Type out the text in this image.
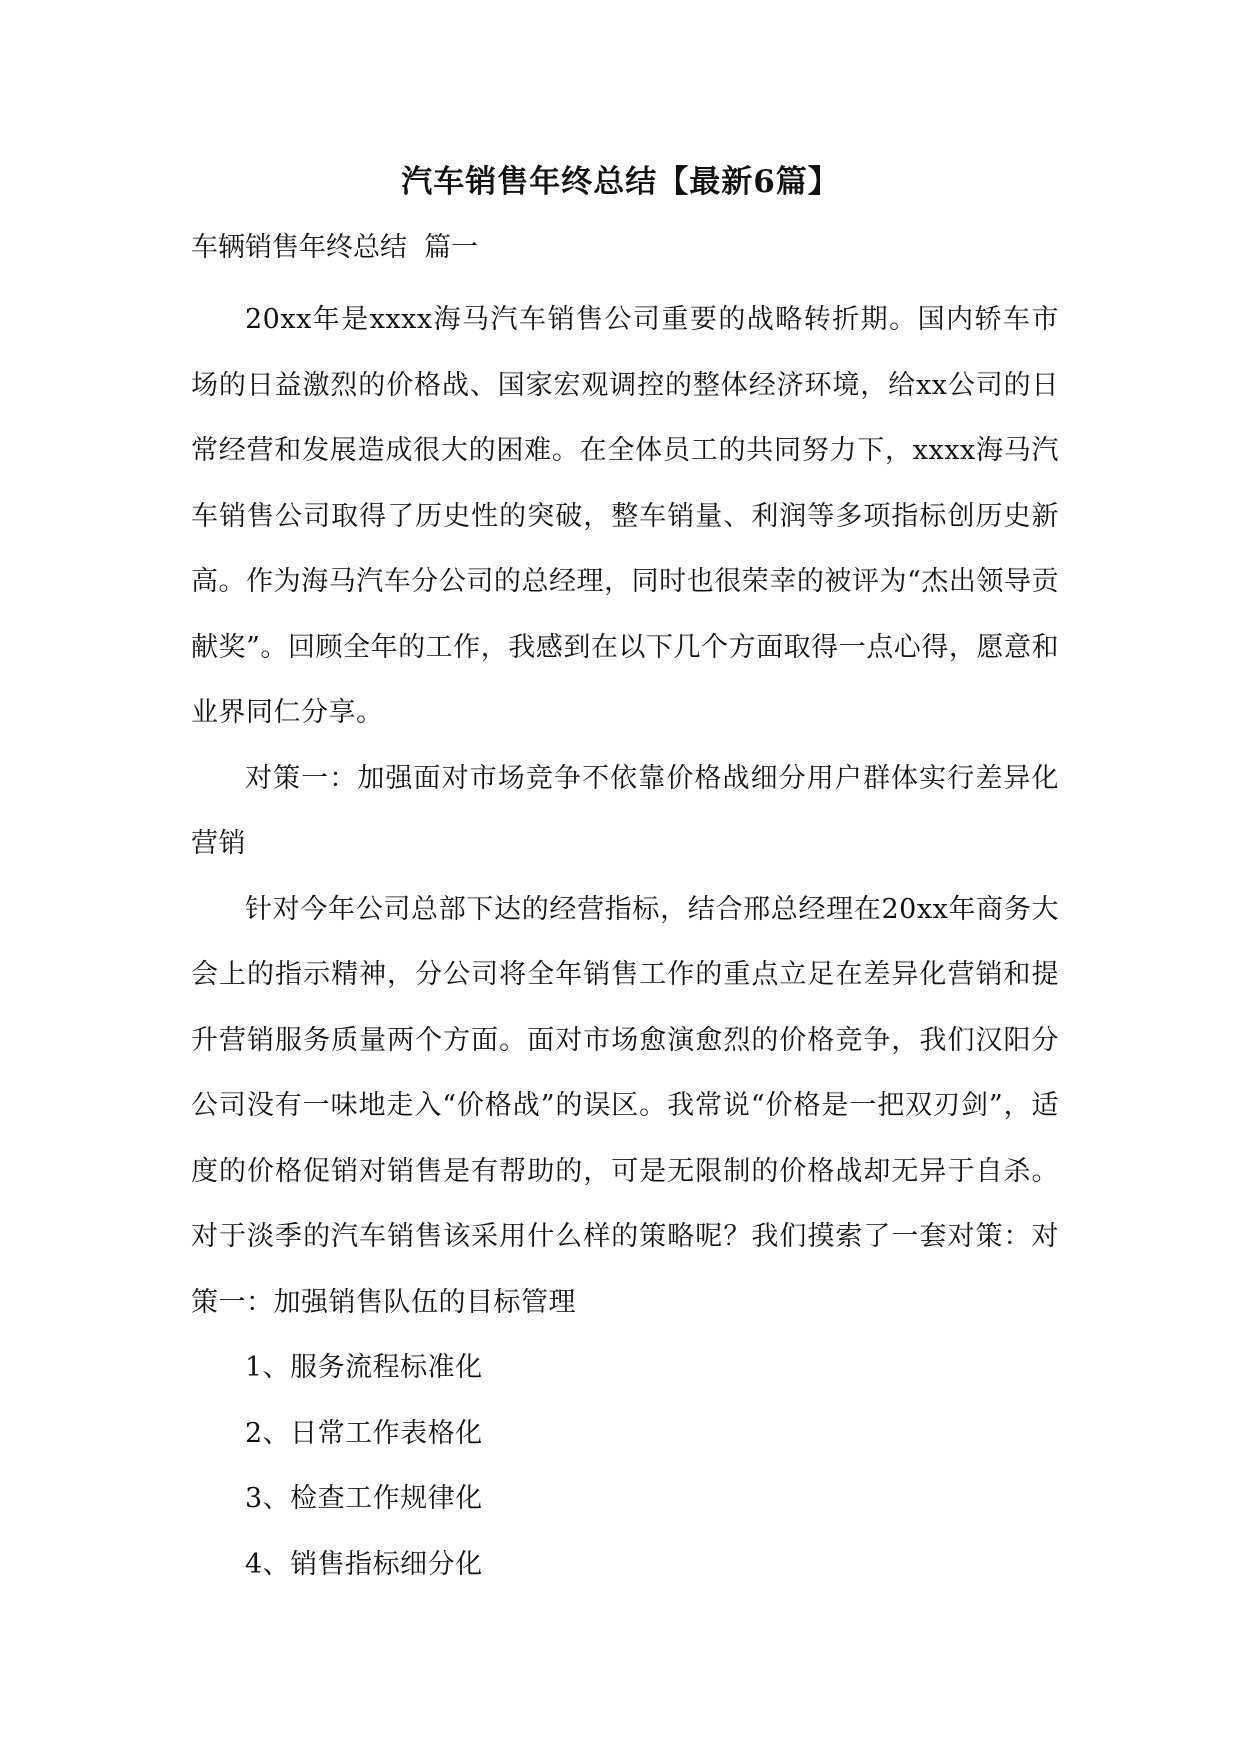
汽车销售年终总结【最新6篇】
车辆销售年终总结  篇一

20xx年是xxxx海马汽车销售公司重要的战略转折期。国内轿车市场的日益激烈的价格战、国家宏观调控的整体经济环境，给xx公司的日常经营和发展造成很大的困难。在全体员工的共同努力下，xxxx海马汽车销售公司取得了历史性的突破，整车销量、利润等多项指标创历史新高。作为海马汽车分公司的总经理，同时也很荣幸的被评为“杰出领导贡献奖”。回顾全年的工作，我感到在以下几个方面取得一点心得，愿意和业界同仁分享。

对策一：加强面对市场竞争不依靠价格战细分用户群体实行差异化营销

针对今年公司总部下达的经营指标，结合邢总经理在20xx年商务大会上的指示精神，分公司将全年销售工作的重点立足在差异化营销和提升营销服务质量两个方面。面对市场愈演愈烈的价格竞争，我们汉阳分公司没有一味地走入“价格战”的误区。我常说“价格是一把双刃剑”，适度的价格促销对销售是有帮助的，可是无限制的价格战却无异于自杀。对于淡季的汽车销售该采用什么样的策略呢？我们摸索了一套对策：对策一：加强销售队伍的目标管理

1、服务流程标准化

2、日常工作表格化

3、检查工作规律化

4、销售指标细分化
